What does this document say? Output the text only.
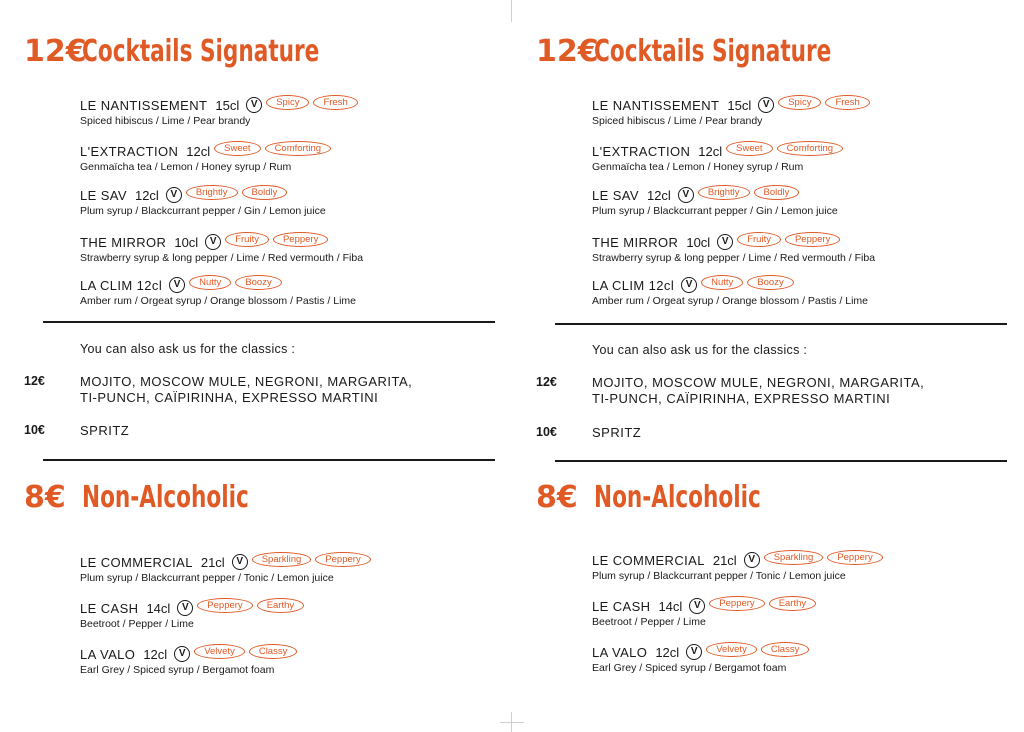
12€
Cocktails Signature
LE NANTISSEMENT 15cl	V	Spicy	Fresh
Spiced hibiscus / Lime / Pear brandy
L'EXTRACTION 12cl	Sweet	Comforting
Genmaïcha tea / Lemon / Honey syrup / Rum
LE SAV 12cl	V	Brightly	Boldly
Plum syrup / Blackcurrant pepper / Gin / Lemon juice
THE MIRROR 10cl	V	Fruity	Peppery
Strawberry syrup & long pepper / Lime / Red vermouth / Fiba
LA CLIM 12cl	V	Nutty	Boozy
Amber rum / Orgeat syrup / Orange blossom / Pastis / Lime
You can also ask us for the classics :
12€	MOJITO, MOSCOW MULE, NEGRONI, MARGARITA,
TI-PUNCH, CAÏPIRINHA, EXPRESSO MARTINI
10€	SPRITZ
8€ Non-Alcoholic
LE COMMERCIAL 21cl	V	Sparkling	Peppery
Plum syrup / Blackcurrant pepper / Tonic / Lemon juice
LE CASH 14cl	V	Peppery	Earthy
Beetroot / Pepper / Lime
LA VALO 12cl	V	Velvety	Classy
Earl Grey / Spiced syrup / Bergamot foam
12€
Cocktails Signature
LE NANTISSEMENT 15cl	V	Spicy	Fresh
Spiced hibiscus / Lime / Pear brandy
L'EXTRACTION 12cl	Sweet	Comforting
Genmaïcha tea / Lemon / Honey syrup / Rum
LE SAV 12cl	V	Brightly	Boldly
Plum syrup / Blackcurrant pepper / Gin / Lemon juice
THE MIRROR 10cl	V	Fruity	Peppery
Strawberry syrup & long pepper / Lime / Red vermouth / Fiba
LA CLIM 12cl	V	Nutty	Boozy
Amber rum / Orgeat syrup / Orange blossom / Pastis / Lime
You can also ask us for the classics :
12€	MOJITO, MOSCOW MULE, NEGRONI, MARGARITA,
TI-PUNCH, CAÏPIRINHA, EXPRESSO MARTINI
10€	SPRITZ
8€ Non-Alcoholic
LE COMMERCIAL 21cl	V	Sparkling	Peppery
Plum syrup / Blackcurrant pepper / Tonic / Lemon juice
LE CASH 14cl	V	Peppery	Earthy
Beetroot / Pepper / Lime
LA VALO 12cl	V	Velvety	Classy
Earl Grey / Spiced syrup / Bergamot foam
